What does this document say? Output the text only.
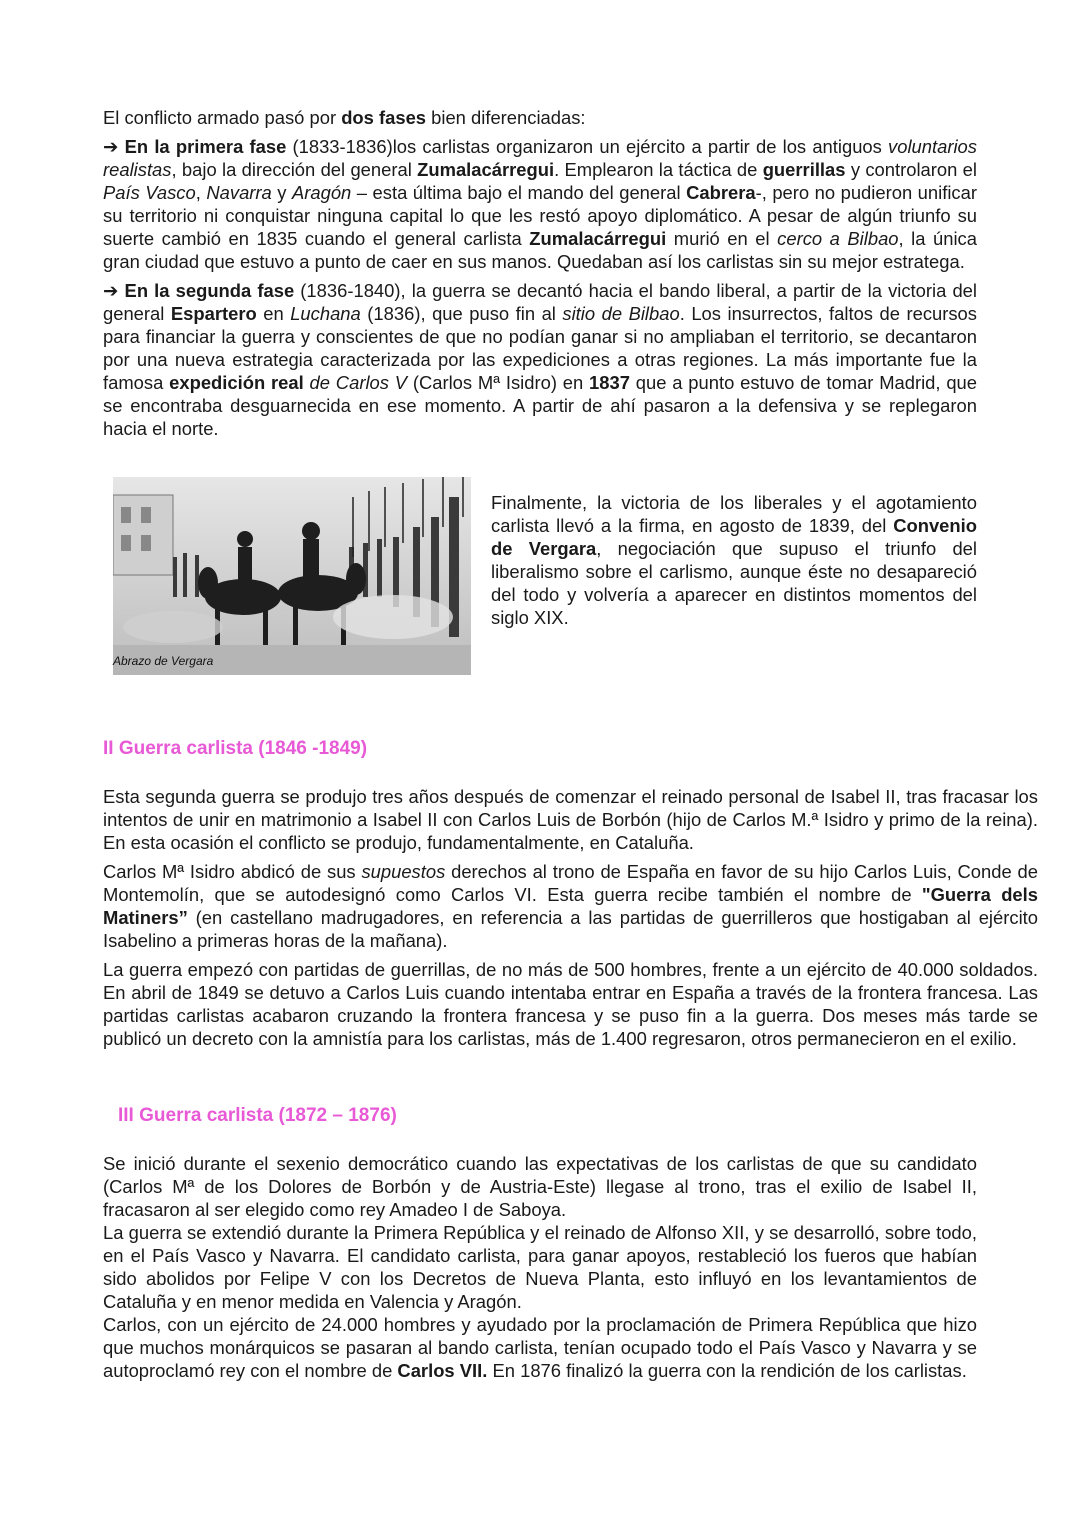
El conflicto armado pasó por dos fases bien diferenciadas:

➔ En la primera fase (1833-1836)los carlistas organizaron un ejército a partir de los antiguos voluntarios realistas, bajo la dirección del general Zumalacárregui. Emplearon la táctica de guerrillas y controlaron el País Vasco, Navarra y Aragón – esta última bajo el mando del general Cabrera-, pero no pudieron unificar su territorio ni conquistar ninguna capital lo que les restó apoyo diplomático. A pesar de algún triunfo su suerte cambió en 1835 cuando el general carlista Zumalacárregui murió en el cerco a Bilbao, la única gran ciudad que estuvo a punto de caer en sus manos. Quedaban así los carlistas sin su mejor estratega.

➔ En la segunda fase (1836-1840), la guerra se decantó hacia el bando liberal, a partir de la victoria del general Espartero en Luchana (1836), que puso fin al sitio de Bilbao. Los insurrectos, faltos de recursos para financiar la guerra y conscientes de que no podían ganar si no ampliaban el territorio, se decantaron por una nueva estrategia caracterizada por las expediciones a otras regiones. La más importante fue la famosa expedición real de Carlos V (Carlos Mª Isidro) en 1837 que a punto estuvo de tomar Madrid, que se encontraba desguarnecida en ese momento. A partir de ahí pasaron a la defensiva y se replegaron hacia el norte.

Abrazo de Vergara

Finalmente, la victoria de los liberales y el agotamiento carlista llevó a la firma, en agosto de 1839, del Convenio de Vergara, negociación que supuso el triunfo del liberalismo sobre el carlismo, aunque éste no desapareció del todo y volvería a aparecer en distintos momentos del siglo XIX.

II Guerra carlista (1846 -1849)

Esta segunda guerra se produjo tres años después de comenzar el reinado personal de Isabel II, tras fracasar los intentos de unir en matrimonio a Isabel II con Carlos Luis de Borbón (hijo de Carlos M.ª Isidro y primo de la reina). En esta ocasión el conflicto se produjo, fundamentalmente, en Cataluña.

Carlos Mª Isidro abdicó de sus supuestos derechos al trono de España en favor de su hijo Carlos Luis, Conde de Montemolín, que se autodesignó como Carlos VI. Esta guerra recibe también el nombre de "Guerra dels Matiners” (en castellano madrugadores, en referencia a las partidas de guerrilleros que hostigaban al ejército Isabelino a primeras horas de la mañana).

La guerra empezó con partidas de guerrillas, de no más de 500 hombres, frente a un ejército de 40.000 soldados. En abril de 1849 se detuvo a Carlos Luis cuando intentaba entrar en España a través de la frontera francesa. Las partidas carlistas acabaron cruzando la frontera francesa y se puso fin a la guerra. Dos meses más tarde se publicó un decreto con la amnistía para los carlistas, más de 1.400 regresaron, otros permanecieron en el exilio.

III Guerra carlista (1872 – 1876)

Se inició durante el sexenio democrático cuando las expectativas de los carlistas de que su candidato (Carlos Mª de los Dolores de Borbón y de Austria-Este) llegase al trono, tras el exilio de Isabel II, fracasaron al ser elegido como rey Amadeo I de Saboya.

La guerra se extendió durante la Primera República y el reinado de Alfonso XII, y se desarrolló, sobre todo, en el País Vasco y Navarra. El candidato carlista, para ganar apoyos, restableció los fueros que habían sido abolidos por Felipe V con los Decretos de Nueva Planta, esto influyó en los levantamientos de Cataluña y en menor medida en Valencia y Aragón.

Carlos, con un ejército de 24.000 hombres y ayudado por la proclamación de Primera República que hizo que muchos monárquicos se pasaran al bando carlista, tenían ocupado todo el País Vasco y Navarra y se autoproclamó rey con el nombre de Carlos VII. En 1876 finalizó la guerra con la rendición de los carlistas.
